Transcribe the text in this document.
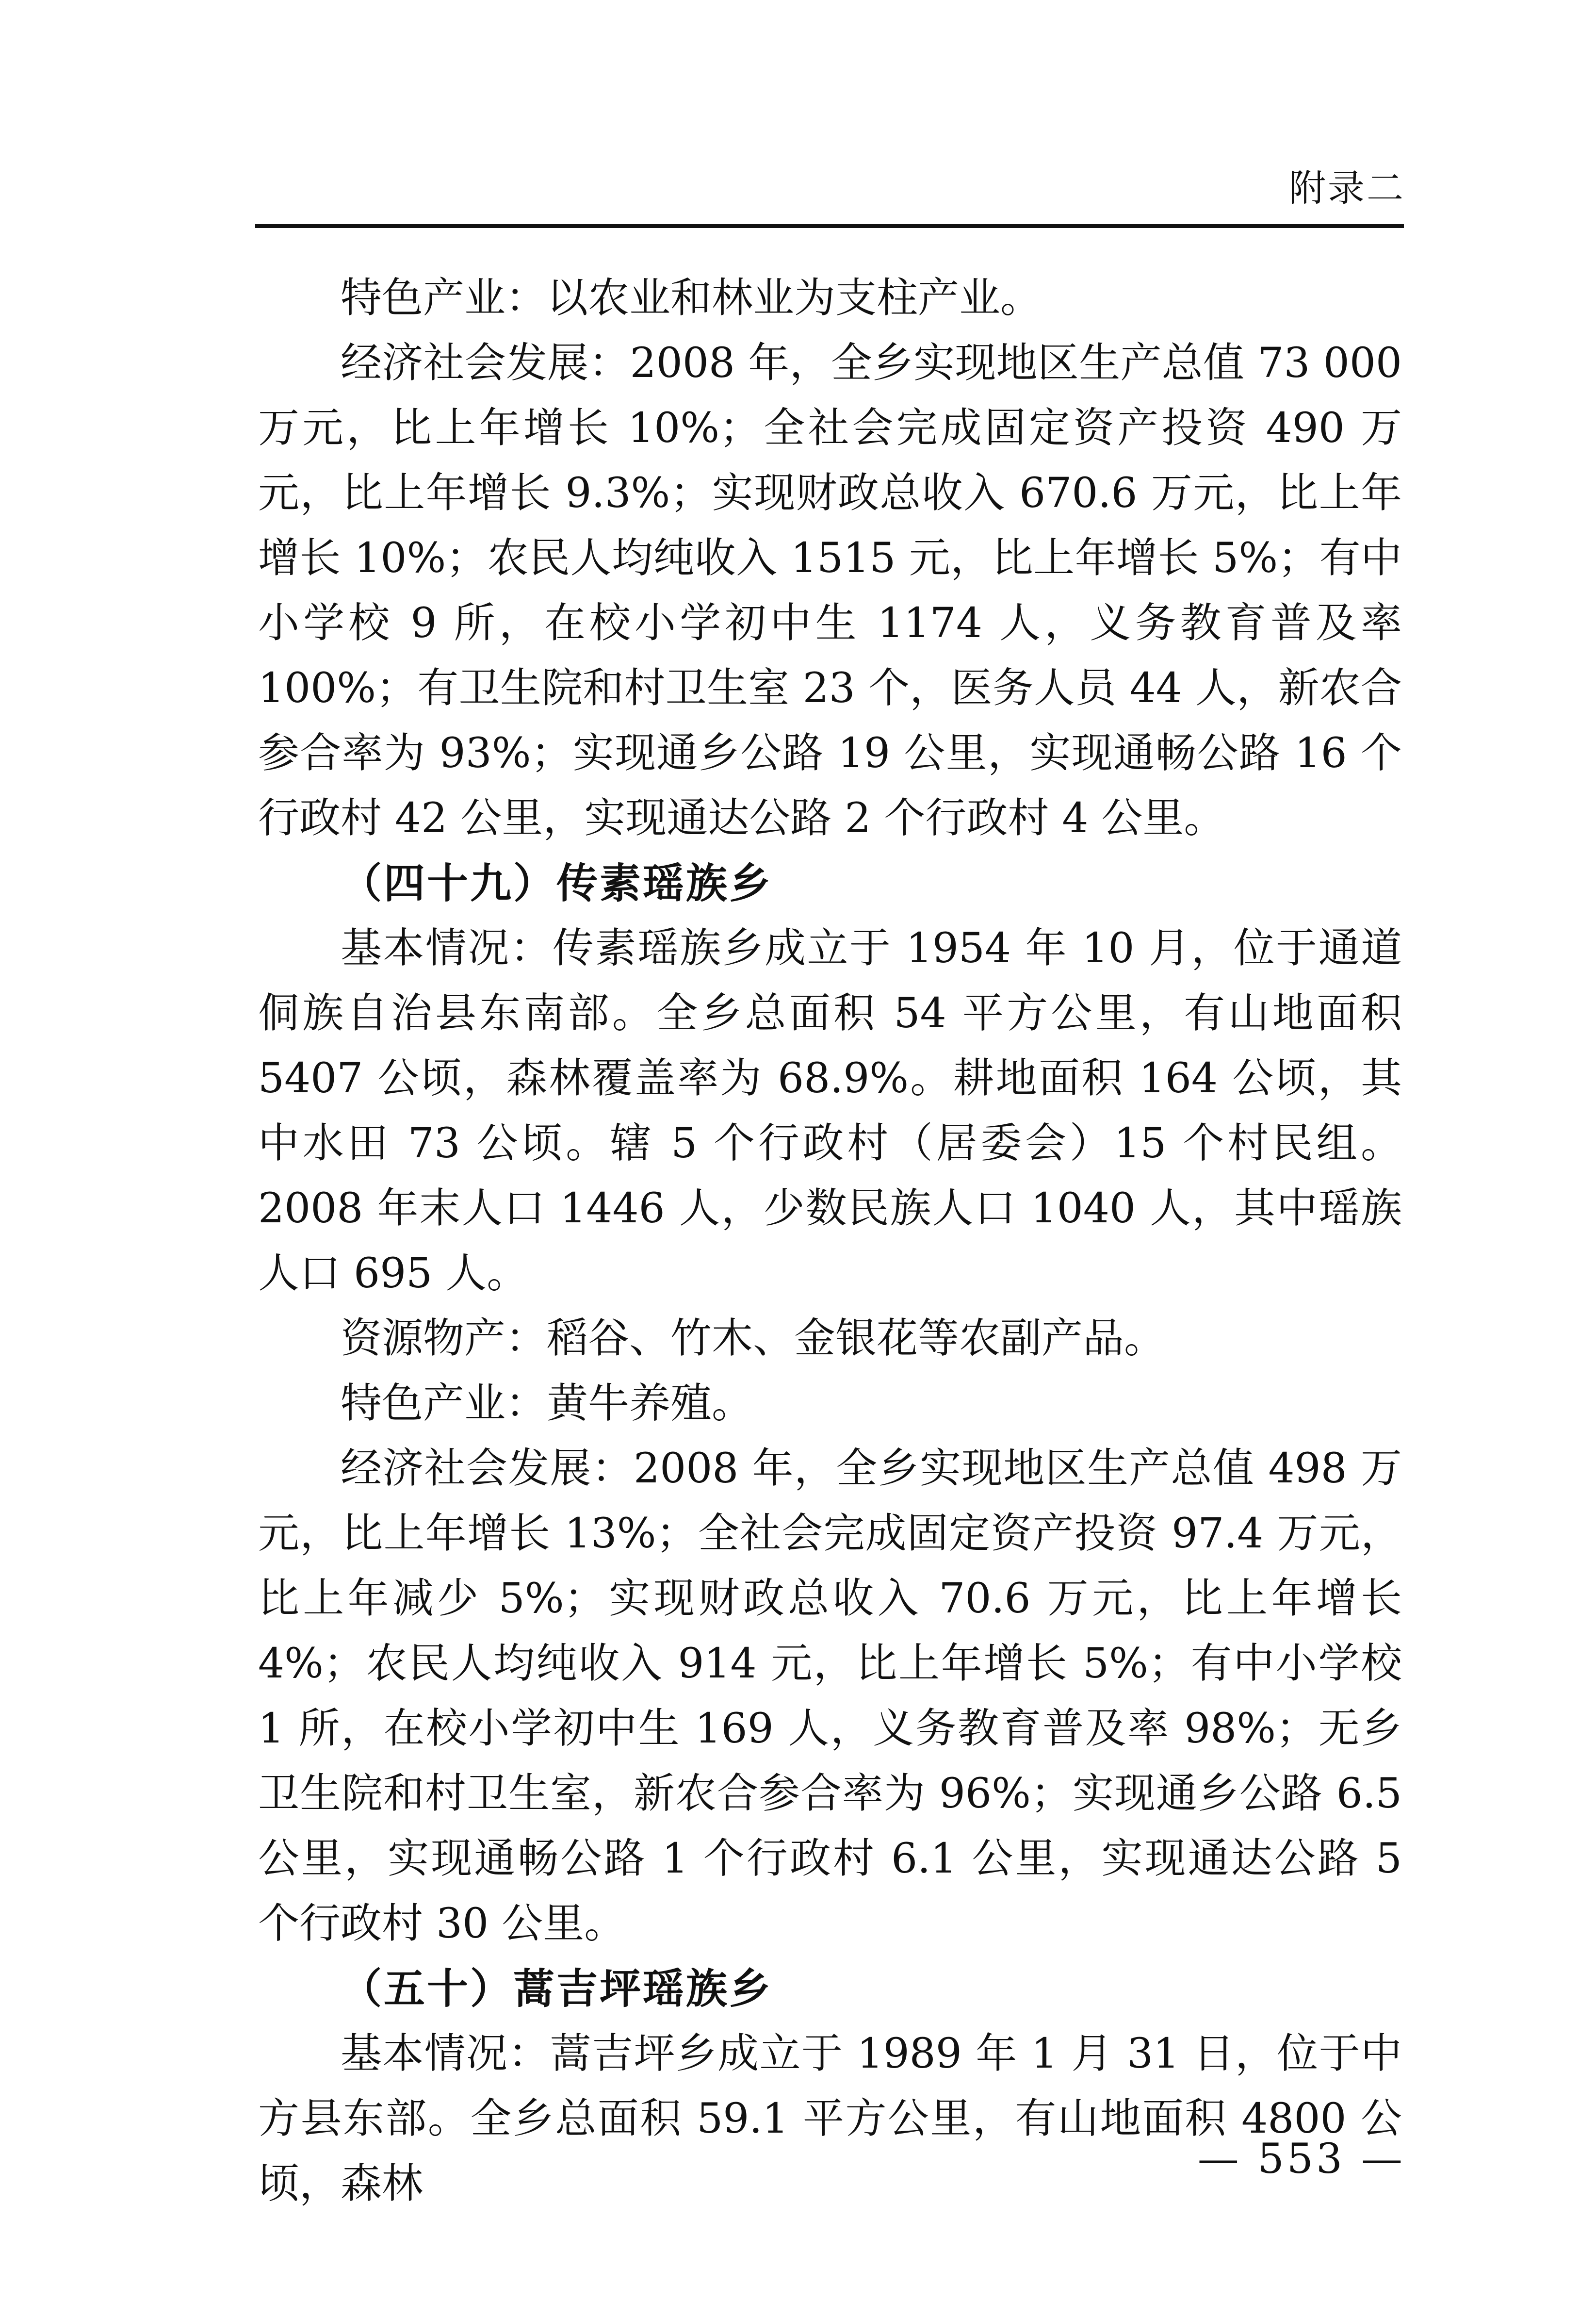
附录二

特色产业：以农业和林业为支柱产业。

经济社会发展：2008 年，全乡实现地区生产总值 73 000 万元，比上年增长 10%；全社会完成固定资产投资 490 万元，比上年增长 9.3%；实现财政总收入 670.6 万元，比上年增长 10%；农民人均纯收入 1515 元，比上年增长 5%；有中小学校 9 所，在校小学初中生 1174 人，义务教育普及率 100%；有卫生院和村卫生室 23 个，医务人员 44 人，新农合参合率为 93%；实现通乡公路 19 公里，实现通畅公路 16 个行政村 42 公里，实现通达公路 2 个行政村 4 公里。

（四十九）传素瑶族乡

基本情况：传素瑶族乡成立于 1954 年 10 月，位于通道侗族自治县东南部。全乡总面积 54 平方公里，有山地面积 5407 公顷，森林覆盖率为 68.9%。耕地面积 164 公顷，其中水田 73 公顷。辖 5 个行政村（居委会）15 个村民组。2008 年末人口 1446 人，少数民族人口 1040 人，其中瑶族人口 695 人。

资源物产：稻谷、竹木、金银花等农副产品。

特色产业：黄牛养殖。

经济社会发展：2008 年，全乡实现地区生产总值 498 万元，比上年增长 13%；全社会完成固定资产投资 97.4 万元，比上年减少 5%；实现财政总收入 70.6 万元，比上年增长 4%；农民人均纯收入 914 元，比上年增长 5%；有中小学校 1 所，在校小学初中生 169 人，义务教育普及率 98%；无乡卫生院和村卫生室，新农合参合率为 96%；实现通乡公路 6.5 公里，实现通畅公路 1 个行政村 6.1 公里，实现通达公路 5 个行政村 30 公里。

（五十）蒿吉坪瑶族乡

基本情况：蒿吉坪乡成立于 1989 年 1 月 31 日，位于中方县东部。全乡总面积 59.1 平方公里，有山地面积 4800 公顷，森林

— 553 —
